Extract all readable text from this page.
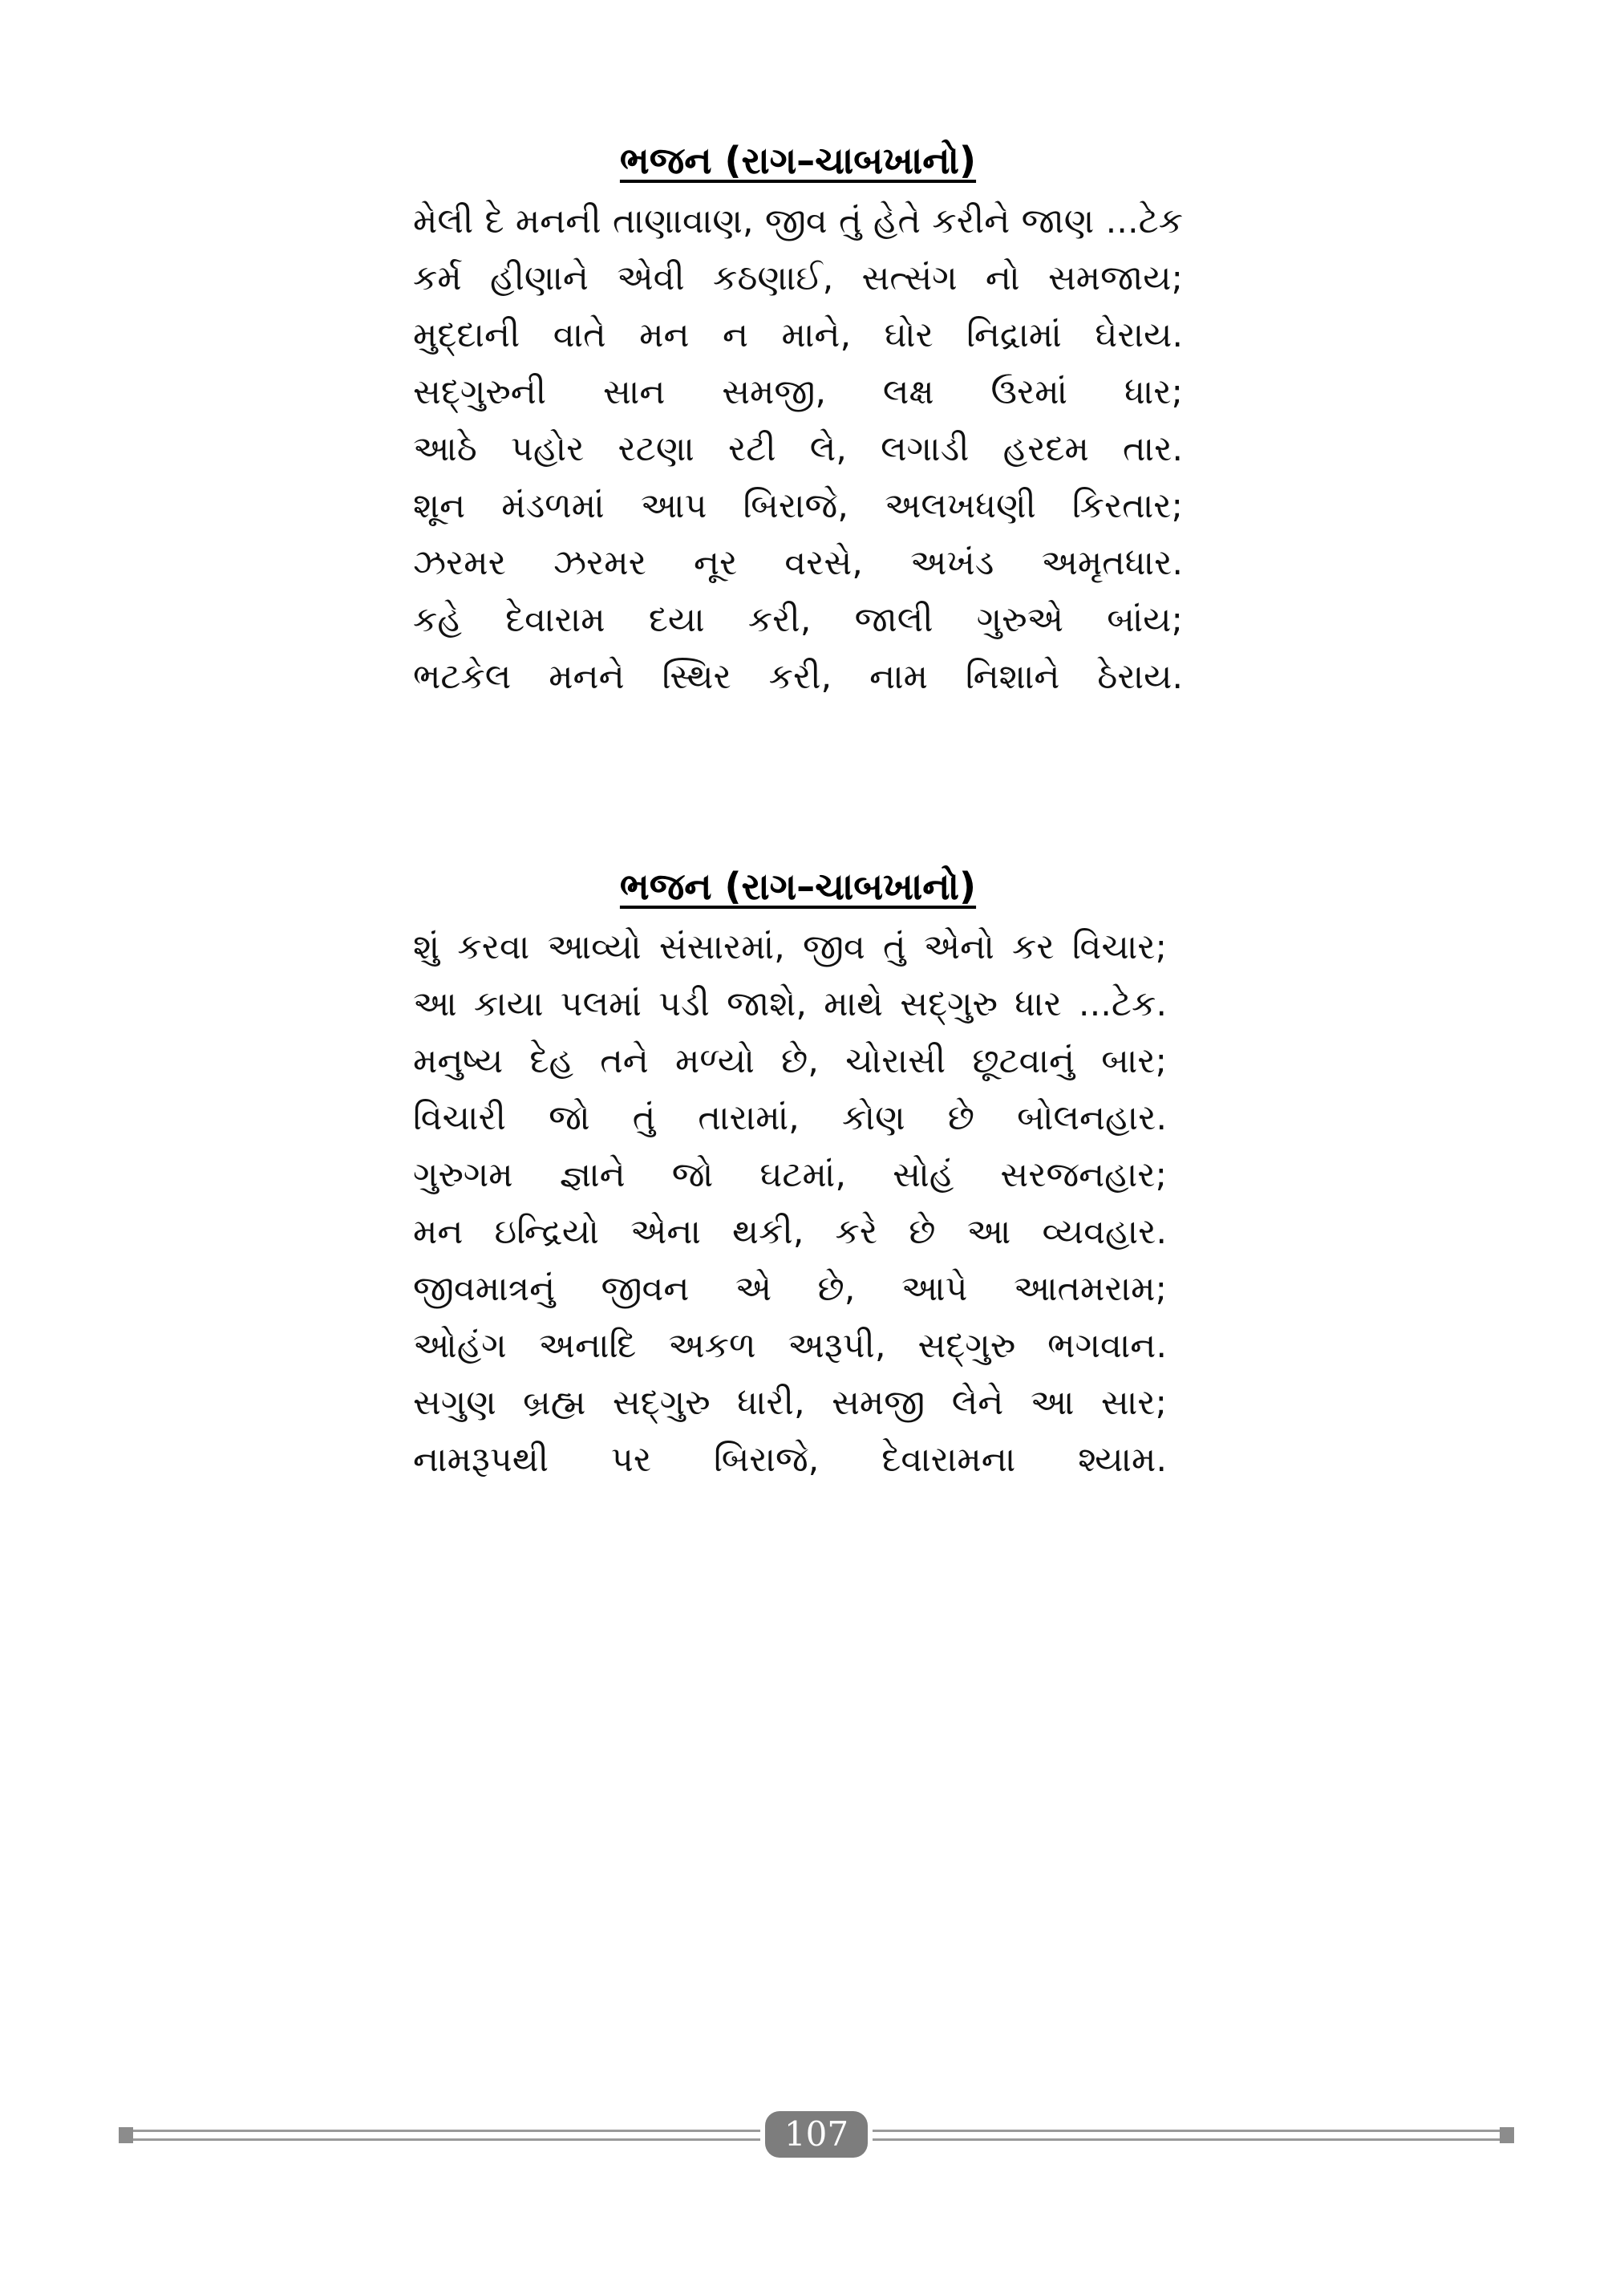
ભજન (રાગ–ચાબખાનો)
મેલી દે મનની તાણાવાણ, જીવ તું હેતે કરીને જાણ ...ટેક
કર્મ હીણાને એવી કઠણાઈ, સત્સંગ નો સમજાય;
મુદ્દાની વાતે મન ન માને, ઘોર નિદ્રામાં ઘેરાય.
સદ્‌ગુરુની સાન સમજી, લક્ષ ઉરમાં ધાર;
આઠે પહોર રટણા રટી લે, લગાડી હરદમ તાર.
શૂન મંડળમાં આપ બિરાજે, અલખધણી કિરતાર;
ઝરમર ઝરમર નૂર વરસે, અખંડ અમૃતધાર.
કહે દેવારામ દયા કરી, જાલી ગુરુએ બાંય;
ભટકેલ મનને સ્થિર કરી, નામ નિશાને ઠેરાય.
ભજન (રાગ–ચાબખાનો)
શું કરવા આવ્યો સંસારમાં, જીવ તું એનો કર વિચાર;
આ કાયા પલમાં પડી જાશે, માથે સદ્‌ગુરુ ધાર ...ટેક.
મનુષ્ય દેહ તને મળ્યો છે, ચોરાસી છૂટવાનું બાર;
વિચારી જો તું તારામાં, કોણ છે બોલનહાર.
ગુરુગમ જ્ઞાને જો ઘટમાં, સોહં સરજનહાર;
મન ઇન્દ્રિયો એના થકી, કરે છે આ વ્યવહાર.
જીવમાત્રનું જીવન એ છે, આપે આતમરામ;
ઓહંગ અનાદિ અકળ અરૂપી, સદ્‌ગુરુ ભગવાન.
સગુણ બ્રહ્મ સદ્‌ગુરુ ધારી, સમજી લેને આ સાર;
નામરૂપથી પર બિરાજે, દેવારામના શ્યામ.
107
